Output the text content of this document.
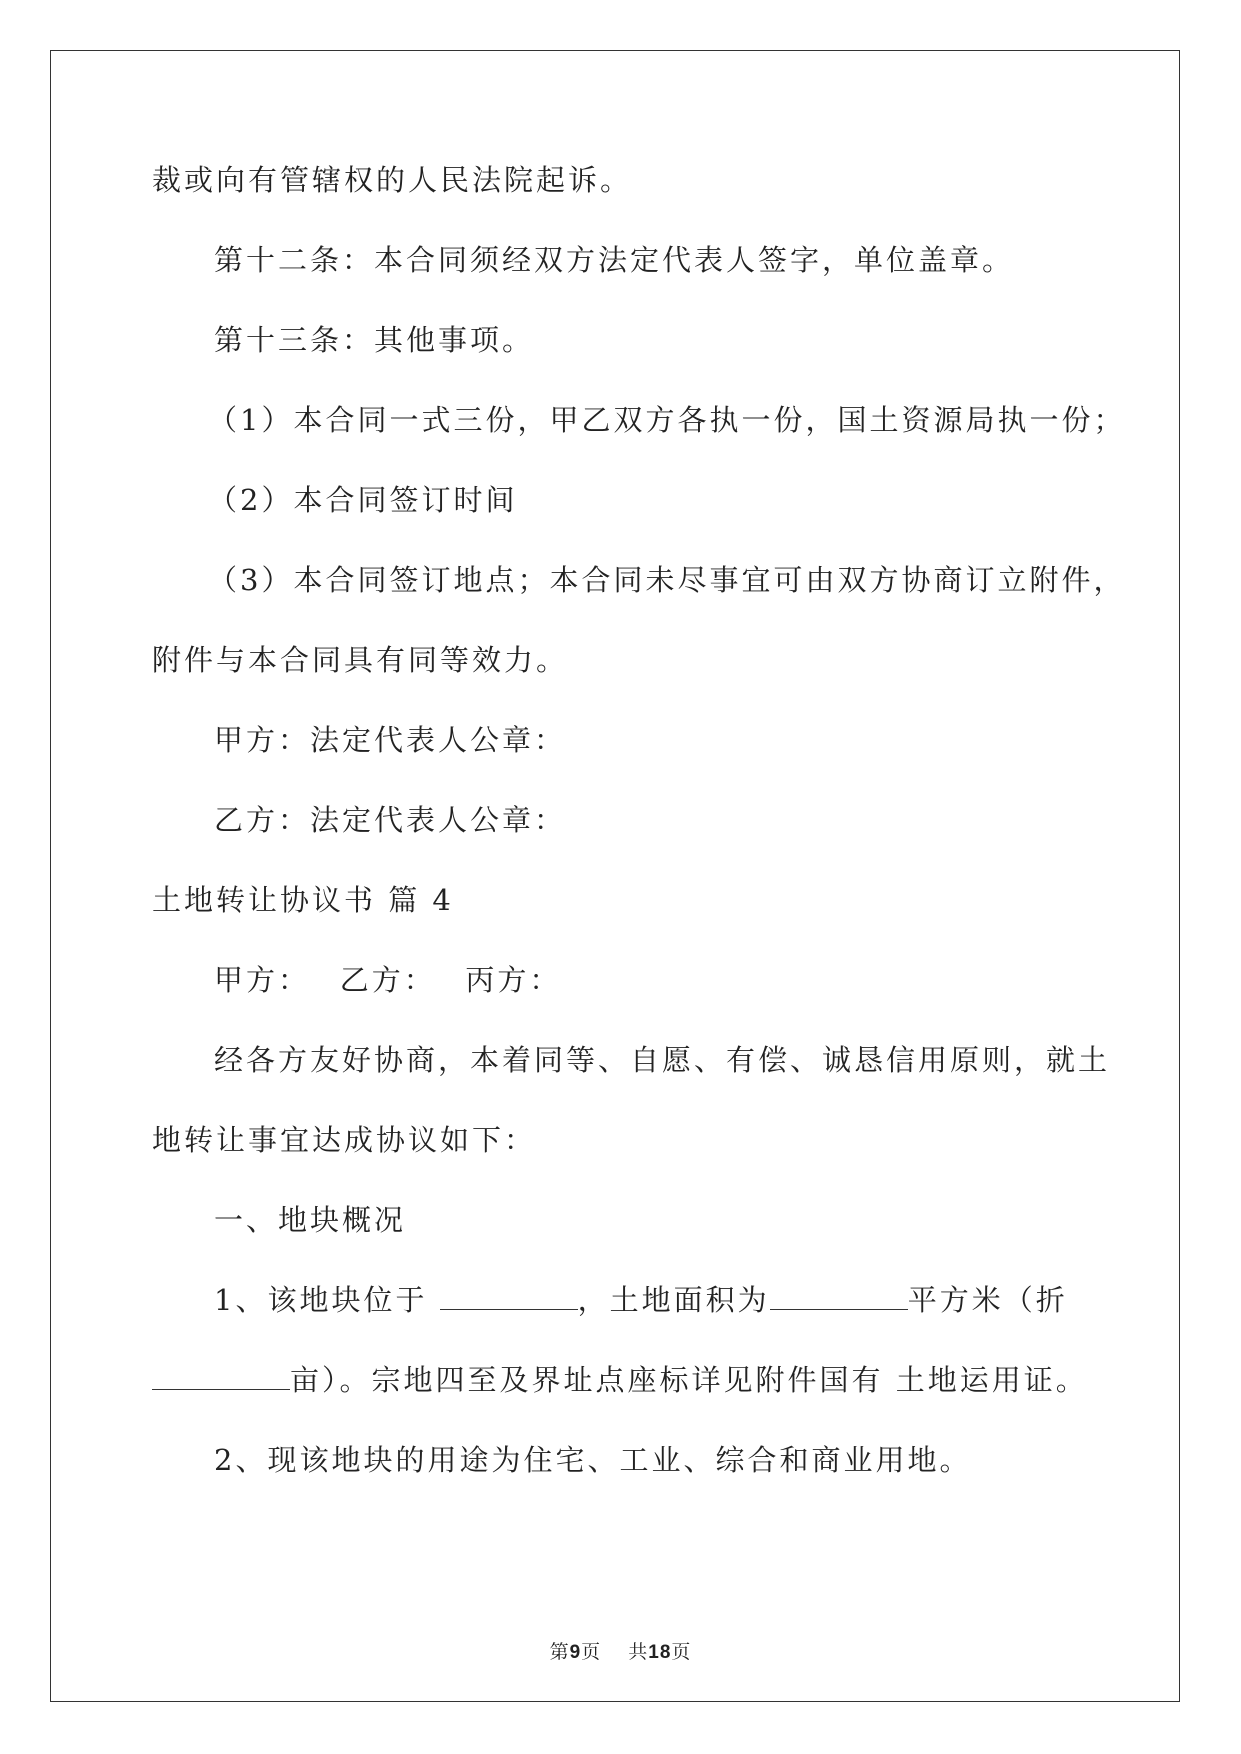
裁或向有管辖权的人民法院起诉。
第十二条：本合同须经双方法定代表人签字，单位盖章。
第十三条：其他事项。
（1）本合同一式三份，甲乙双方各执一份，国土资源局执一份；
（2）本合同签订时间
（3）本合同签订地点；本合同未尽事宜可由双方协商订立附件，
附件与本合同具有同等效力。
甲方：法定代表人公章：
乙方：法定代表人公章：
土地转让协议书 篇 4
甲方：　 乙方：　 丙方：
经各方友好协商，本着同等、自愿、有偿、诚恳信用原则，就土
地转让事宜达成协议如下：
一、地块概况
1、该地块位于	，土地面积为	平方米（折
亩）。宗地四至及界址点座标详见附件国有 土地运用证。
2、现该地块的用途为住宅、工业、综合和商业用地。
第9页 　 共18页
